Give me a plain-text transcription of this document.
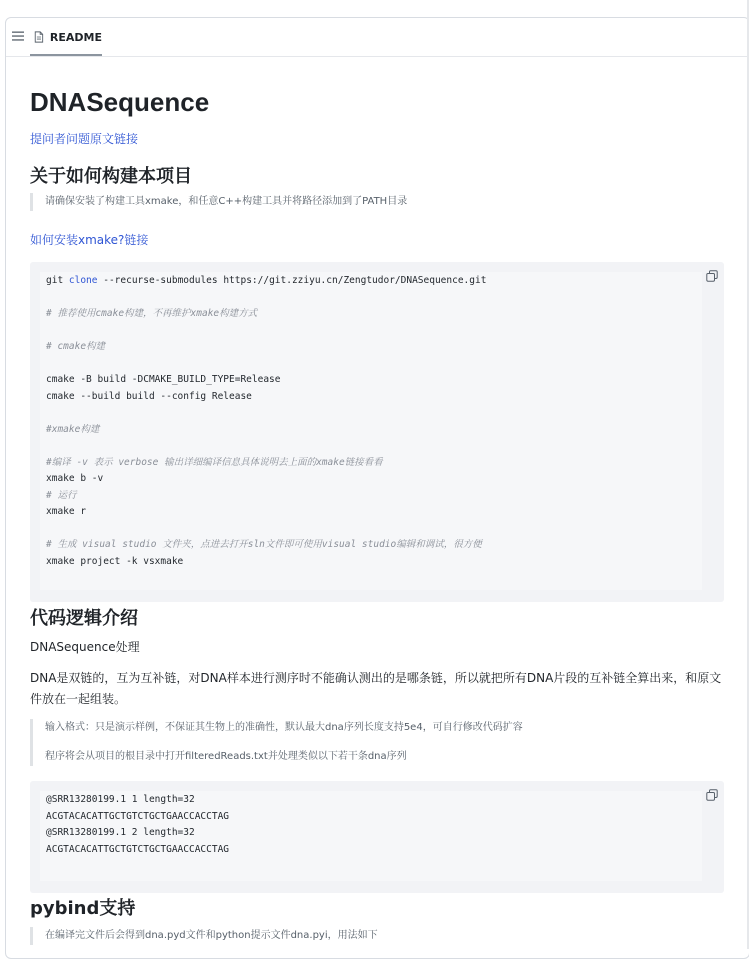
README
DNASequence
提问者问题原文链接
关于如何构建本项目

请确保安装了构建工具xmake，和任意C++构建工具并将路径添加到了PATH目录

如何安装xmake?链接
git clone --recurse-submodules https://git.zziyu.cn/Zengtudor/DNASequence.git

# 推荐使用cmake构建，不再维护xmake构建方式

# cmake构建

cmake -B build -DCMAKE_BUILD_TYPE=Release
cmake --build build --config Release

#xmake构建

#编译 -v 表示 verbose 输出详细编译信息具体说明去上面的xmake链接看看
xmake b -v
# 运行
xmake r

# 生成 visual studio 文件夹，点进去打开sln文件即可使用visual studio编辑和调试，很方便
xmake project -k vsxmake
代码逻辑介绍

DNASequence处理

DNA是双链的，互为互补链，对DNA样本进行测序时不能确认测出的是哪条链，所以就把所有DNA片段的互补链全算出来，和原文

件放在一起组装。

输入格式：只是演示样例，不保证其生物上的准确性，默认最大dna序列长度支持5e4，可自行修改代码扩容

程序将会从项目的根目录中打开filteredReads.txt并处理类似以下若干条dna序列

@SRR13280199.1 1 length=32
ACGTACACATTGCTGTCTGCTGAACCACCTAG
@SRR13280199.1 2 length=32
ACGTACACATTGCTGTCTGCTGAACCACCTAG
pybind支持

在编译完文件后会得到dna.pyd文件和python提示文件dna.pyi，用法如下
